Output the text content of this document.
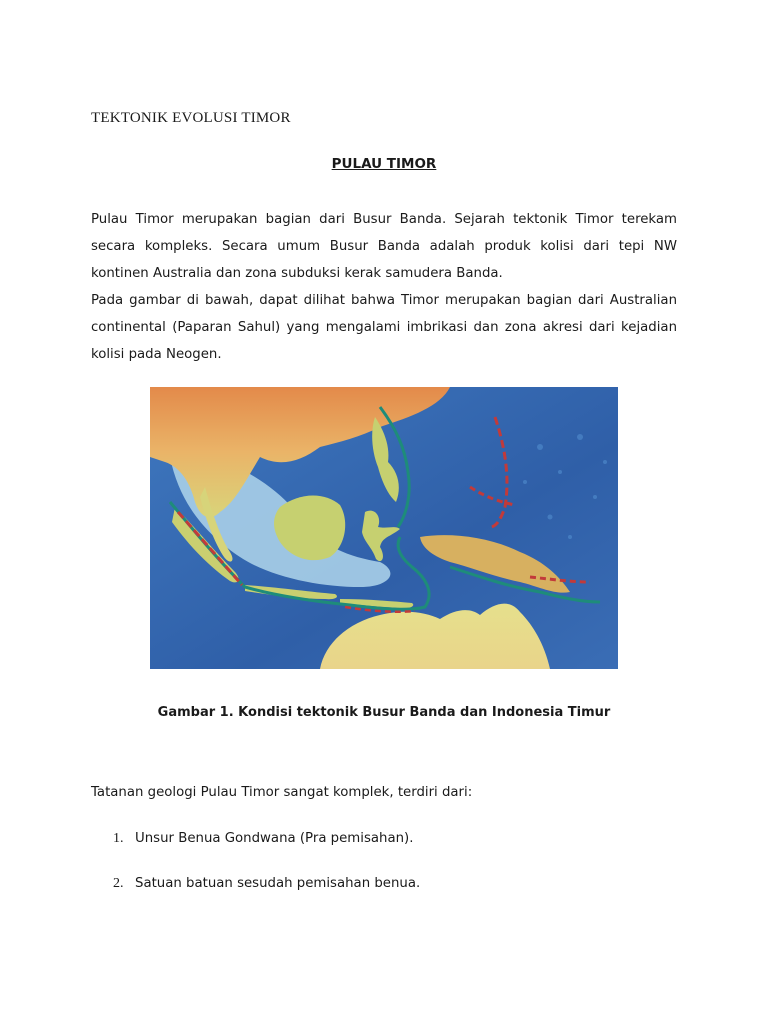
TEKTONIK EVOLUSI TIMOR
PULAU TIMOR

Pulau Timor merupakan bagian dari Busur Banda. Sejarah tektonik Timor terekam secara kompleks. Secara umum Busur Banda adalah produk kolisi dari tepi NW kontinen Australia dan zona subduksi kerak samudera Banda.

Pada gambar di bawah, dapat dilihat bahwa Timor merupakan bagian dari Australian continental (Paparan Sahul) yang mengalami imbrikasi dan zona akresi dari kejadian kolisi pada Neogen.

Gambar 1. Kondisi tektonik Busur Banda dan Indonesia Timur
Tatanan geologi Pulau Timor sangat komplek, terdiri dari:
1. Unsur Benua Gondwana (Pra pemisahan).
2. Satuan batuan sesudah pemisahan benua.
